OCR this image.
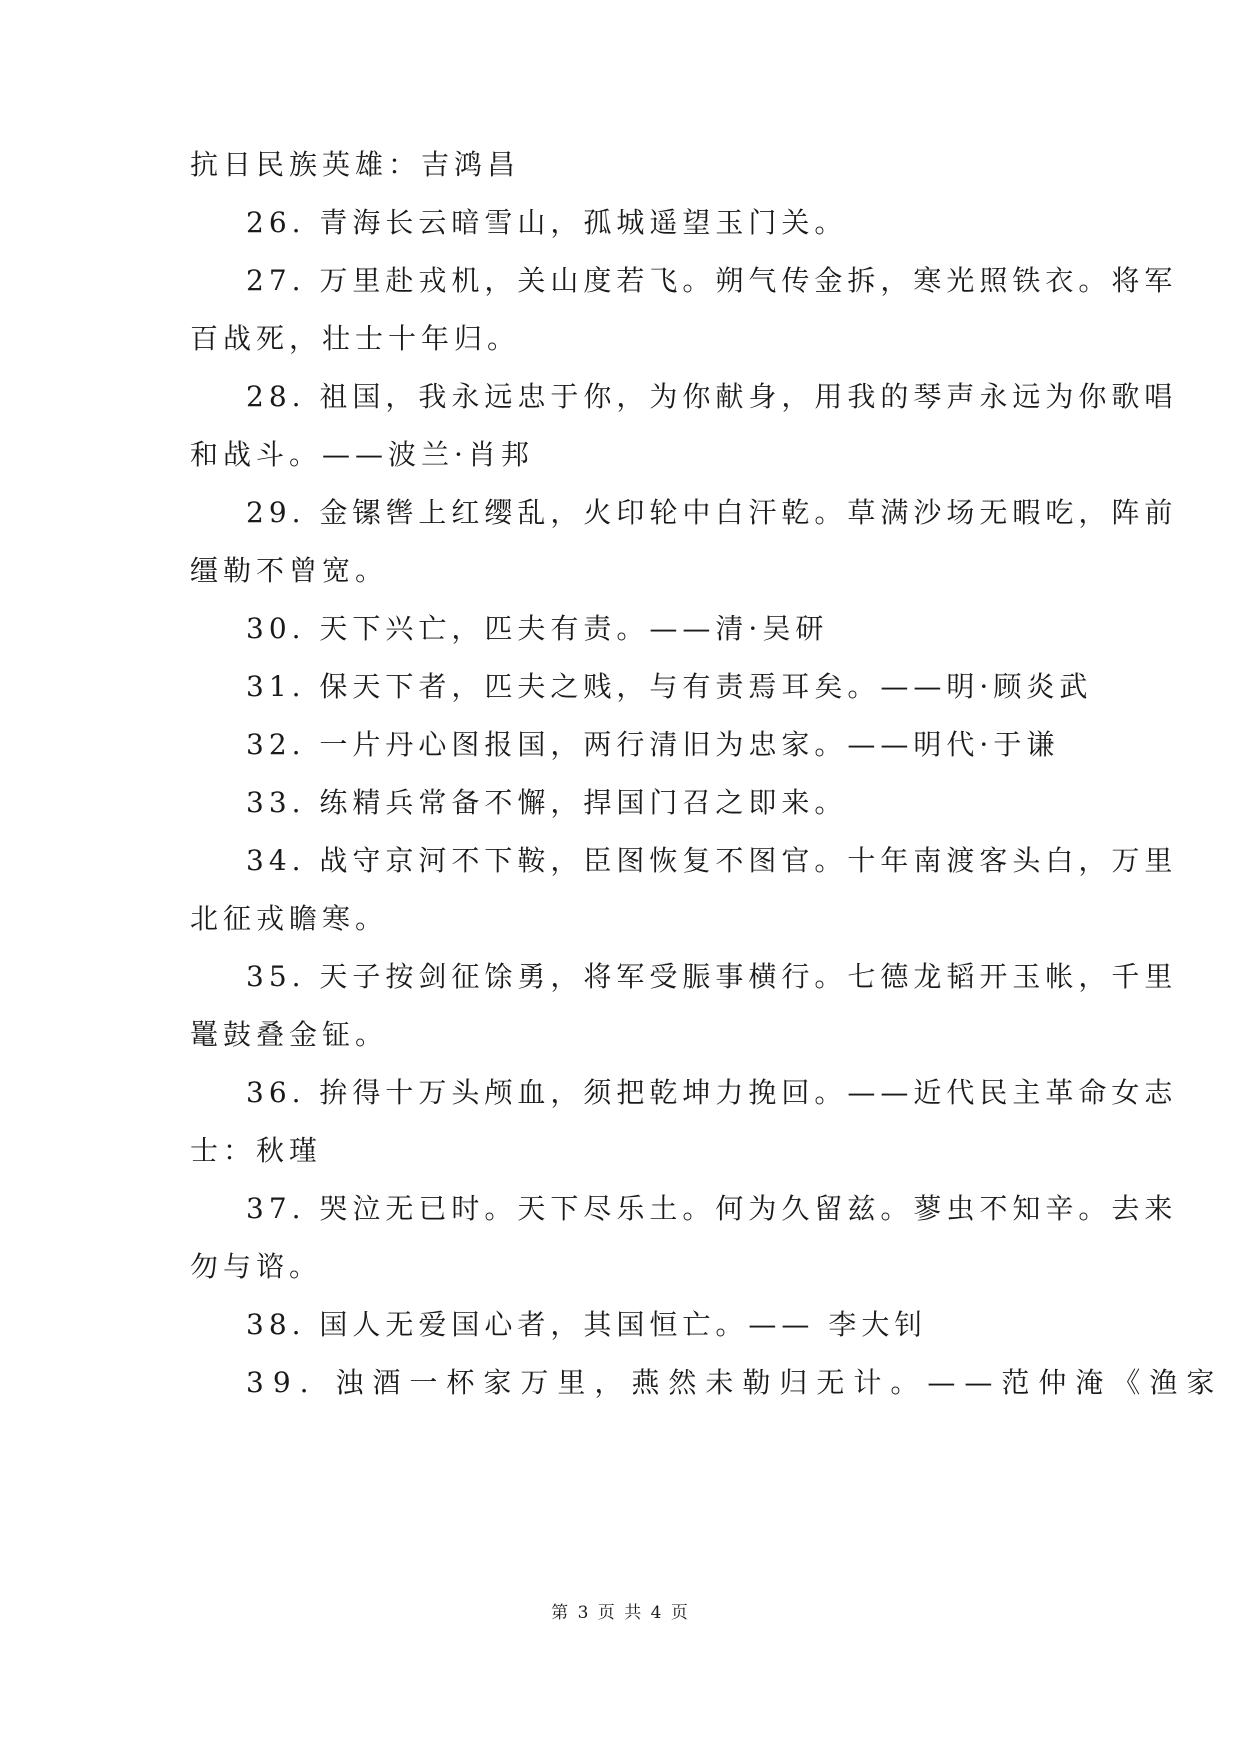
抗日民族英雄：吉鸿昌
26. 青海长云暗雪山，孤城遥望玉门关。
27. 万里赴戎机，关山度若飞。朔气传金拆，寒光照铁衣。将军
百战死，壮士十年归。
28. 祖国，我永远忠于你，为你献身，用我的琴声永远为你歌唱
和战斗。——波兰·肖邦
29. 金镙辔上红缨乱，火印轮中白汗乾。草满沙场无暇吃，阵前
缰勒不曾宽。
30. 天下兴亡，匹夫有责。——清·吴研
31. 保天下者，匹夫之贱，与有责焉耳矣。——明·顾炎武
32. 一片丹心图报国，两行清旧为忠家。——明代·于谦
33. 练精兵常备不懈，捍国门召之即来。
34. 战守京河不下鞍，臣图恢复不图官。十年南渡客头白，万里
北征戎瞻寒。
35. 天子按剑征馀勇，将军受脤事横行。七德龙韬开玉帐，千里
鼍鼓叠金钲。
36. 拚得十万头颅血，须把乾坤力挽回。——近代民主革命女志
士：秋瑾
37. 哭泣无已时。天下尽乐土。何为久留兹。蓼虫不知辛。去来
勿与谘。
38. 国人无爱国心者，其国恒亡。—— 李大钊
39. 浊酒一杯家万里，燕然未勒归无计。——范仲淹《渔家
第 3 页 共 4 页
